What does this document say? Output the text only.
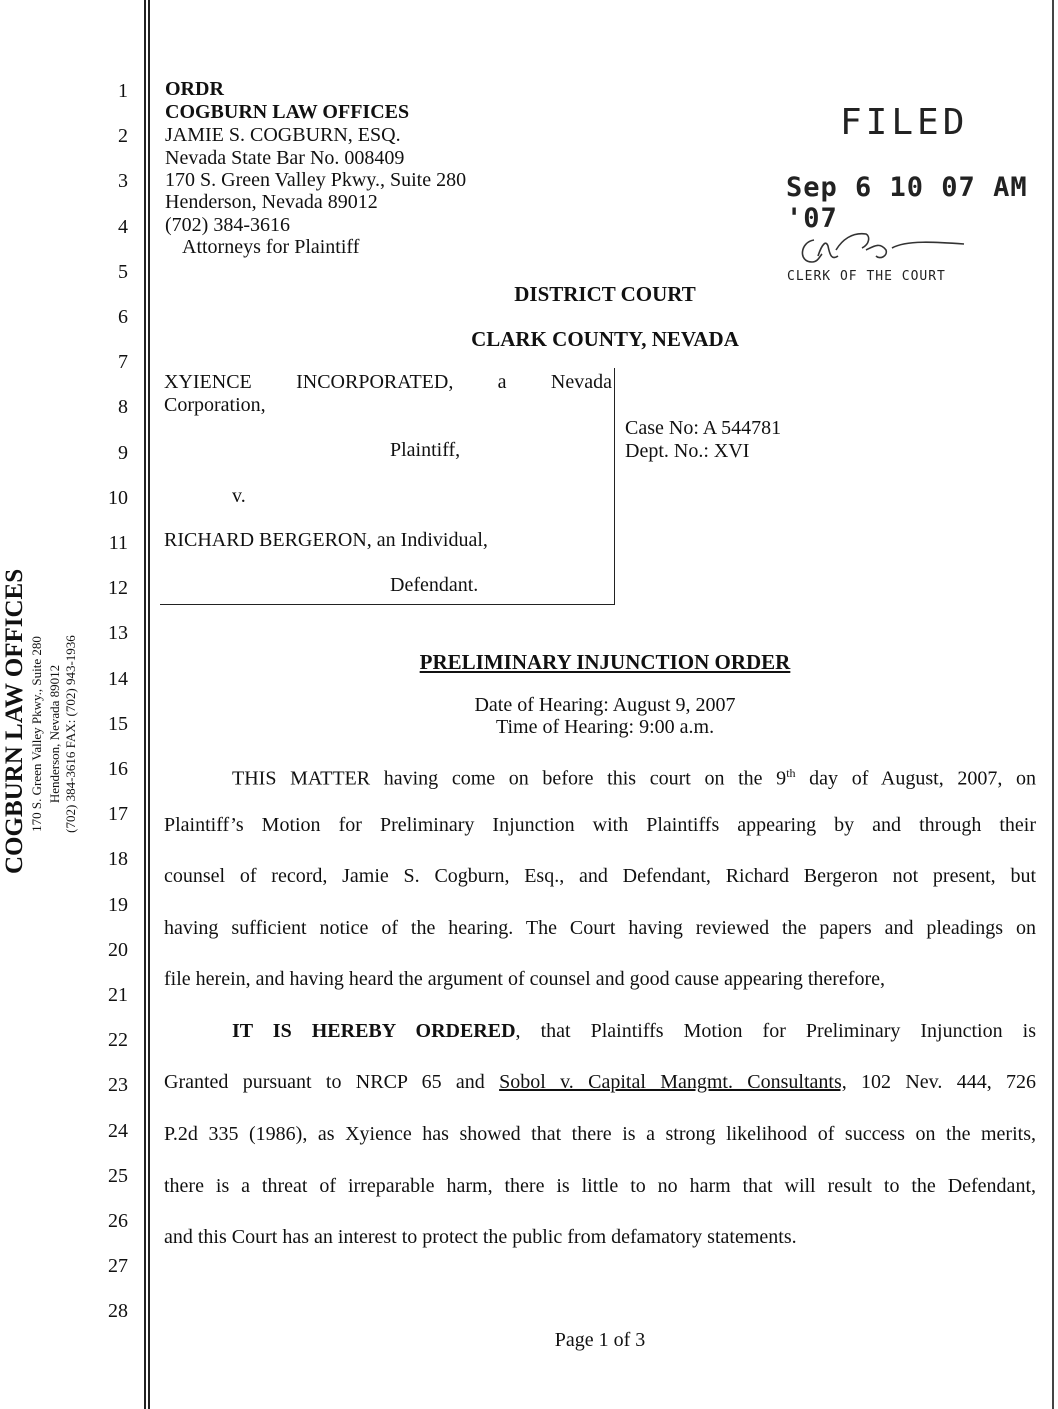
COGBURN LAW OFFICES 170 S. Green Valley Pkwy., Suite 280 Henderson, Nevada 89012 (702) 384-3616 FAX: (702) 943-1936
1
2
3
4
5
6
7
8
9
10
11
12
13
14
15
16
17
18
19
20
21
22
23
24
25
26
27
28
ORDR
COGBURN LAW OFFICES
JAMIE S. COGBURN, ESQ.
Nevada State Bar No. 008409
170 S. Green Valley Pkwy., Suite 280
Henderson, Nevada 89012
(702) 384-3616
Attorneys for Plaintiff
FILED
Sep 6 10 07 AM '07
CLERK OF THE COURT
DISTRICT COURT
CLARK COUNTY, NEVADA
XYIENCE INCORPORATED, a Nevada
Corporation,
Plaintiff,
v.
RICHARD BERGERON, an Individual,
Defendant.
Case No: A 544781
Dept. No.: XVI
PRELIMINARY INJUNCTION ORDER
Date of Hearing: August 9, 2007
Time of Hearing: 9:00 a.m.
THIS MATTER having come on before this court on the 9th day of August, 2007, on
Plaintiff’s Motion for Preliminary Injunction with Plaintiffs appearing by and through their
counsel of record, Jamie S. Cogburn, Esq., and Defendant, Richard Bergeron not present, but
having sufficient notice of the hearing. The Court having reviewed the papers and pleadings on
file herein, and having heard the argument of counsel and good cause appearing therefore,
IT IS HEREBY ORDERED, that Plaintiffs Motion for Preliminary Injunction is
Granted pursuant to NRCP 65 and Sobol v. Capital Mangmt. Consultants, 102 Nev. 444, 726
P.2d 335 (1986), as Xyience has showed that there is a strong likelihood of success on the merits,
there is a threat of irreparable harm, there is little to no harm that will result to the Defendant,
and this Court has an interest to protect the public from defamatory statements.
Page 1 of 3
